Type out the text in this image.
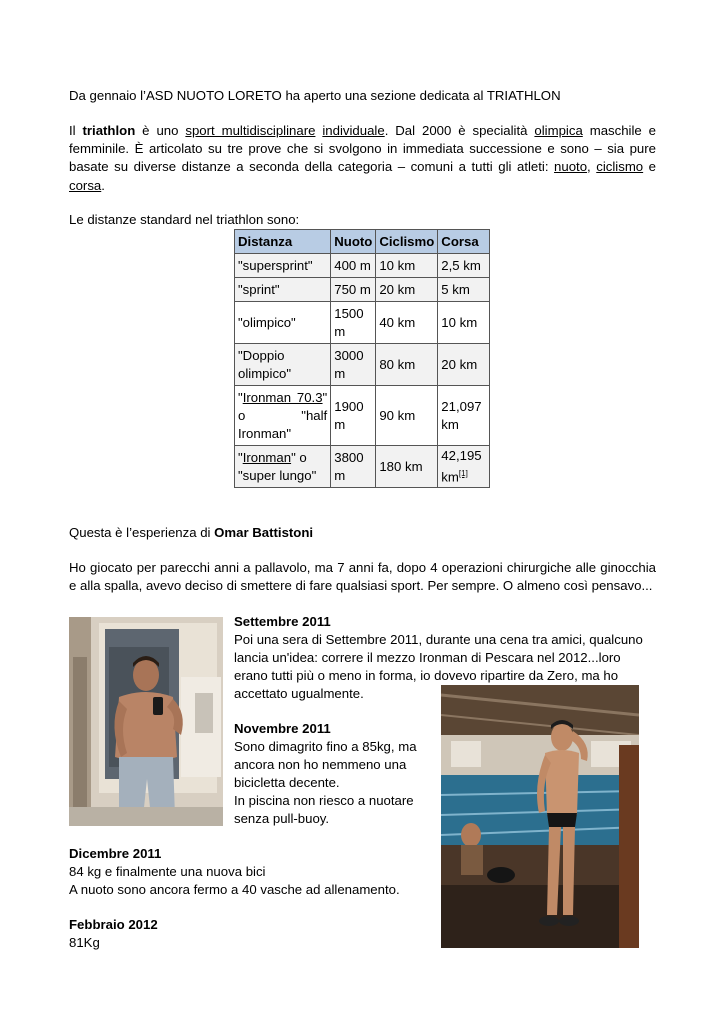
Da gennaio l’ASD NUOTO LORETO ha aperto una sezione dedicata al TRIATHLON
Il triathlon è uno sport multidisciplinare individuale. Dal 2000 è specialità olimpica maschile e femminile. È articolato su tre prove che si svolgono in immediata successione e sono – sia pure basate su diverse distanze a seconda della categoria – comuni a tutti gli atleti: nuoto, ciclismo e corsa.
Le distanze standard nel triathlon sono:
Distanza	Nuoto	Ciclismo	Corsa
"supersprint"	400 m	10 km	2,5 km
"sprint"	750 m	20 km	5 km
"olimpico"	1500 m	40 km	10 km
"Doppio olimpico"	3000 m	80 km	20 km
"Ironman 70.3" o "half Ironman"	1900 m	90 km	21,097 km
"Ironman" o "super lungo"	3800 m	180 km	42,195 km[1]
Questa è l’esperienza di Omar Battistoni
Ho giocato per parecchi anni a pallavolo, ma 7 anni fa, dopo 4 operazioni chirurgiche alle ginocchia e alla spalla, avevo deciso di smettere di fare qualsiasi sport. Per sempre. O almeno così pensavo...
Settembre 2011
Poi una sera di Settembre 2011, durante una cena tra amici, qualcuno
lancia un'idea: correre il mezzo Ironman di Pescara nel 2012...loro
erano tutti più o meno in forma, io dovevo ripartire da Zero, ma ho
accettato ugualmente.
Novembre 2011
Sono dimagrito fino a 85kg, ma
ancora non ho nemmeno una
bicicletta decente.
In piscina non riesco a nuotare
senza pull-buoy.
Dicembre 2011
84 kg e finalmente una nuova bici
A nuoto sono ancora fermo a 40 vasche ad allenamento.
Febbraio 2012
81Kg
